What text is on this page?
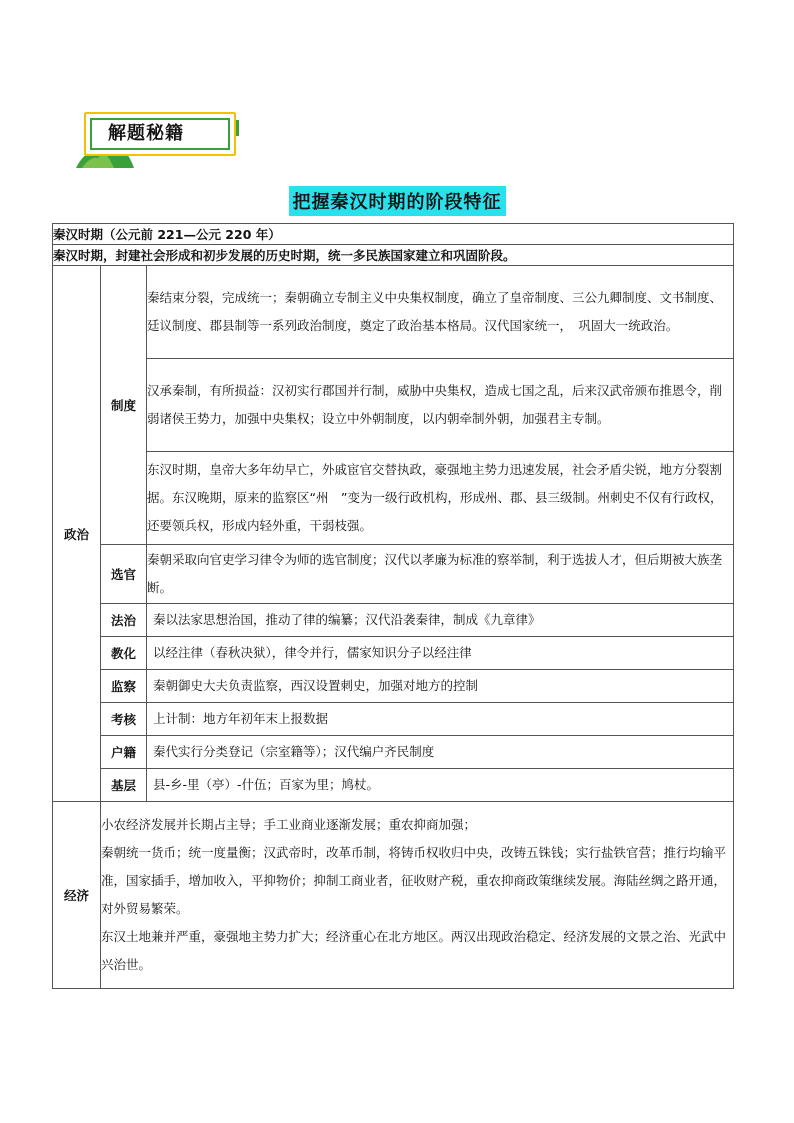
解题秘籍
把握秦汉时期的阶段特征
秦汉时期（公元前 221—公元 220 年）		
秦汉时期，封建社会形成和初步发展的历史时期，统一多民族国家建立和巩固阶段。		
政治	制度	秦结束分裂，完成统一；秦朝确立专制主义中央集权制度，确立了皇帝制度、三公九卿制度、文书制度、廷议制度、郡县制等一系列政治制度，奠定了政治基本格局。汉代国家统一，　巩固大一统政治。
		汉承秦制，有所损益：汉初实行郡国并行制，威胁中央集权，造成七国之乱，后来汉武帝颁布推恩令，削弱诸侯王势力，加强中央集权；设立中外朝制度，以内朝牵制外朝，加强君主专制。
		东汉时期，皇帝大多年幼早亡，外戚宦官交替执政，豪强地主势力迅速发展，社会矛盾尖锐，地方分裂割据。东汉晚期，原来的监察区“州　”变为一级行政机构，形成州、郡、县三级制。州刺史不仅有行政权，还要领兵权，形成内轻外重，干弱枝强。
	选官	秦朝采取向官吏学习律令为师的选官制度；汉代以孝廉为标准的察举制，利于选拔人才，但后期被大族垄断。
	法治	秦以法家思想治国，推动了律的编纂；汉代沿袭秦律，制成《九章律》
	教化	以经注律（春秋决狱），律令并行，儒家知识分子以经注律
	监察	秦朝御史大夫负责监察，西汉设置刺史，加强对地方的控制
	考核	上计制：地方年初年末上报数据
	户籍	秦代实行分类登记（宗室籍等）；汉代编户齐民制度
	基层	县-乡-里（亭）-什伍；百家为里；鸠杖。
经济	小农经济发展并长期占主导；手工业商业逐渐发展；重农抑商加强；
秦朝统一货币；统一度量衡；汉武帝时，改革币制，将铸币权收归中央，改铸五铢钱；实行盐铁官营；推行均输平准，国家插手，增加收入，平抑物价；抑制工商业者，征收财产税，重农抑商政策继续发展。海陆丝绸之路开通，对外贸易繁荣。
东汉土地兼并严重，豪强地主势力扩大；经济重心在北方地区。两汉出现政治稳定、经济发展的文景之治、光武中兴治世。	
